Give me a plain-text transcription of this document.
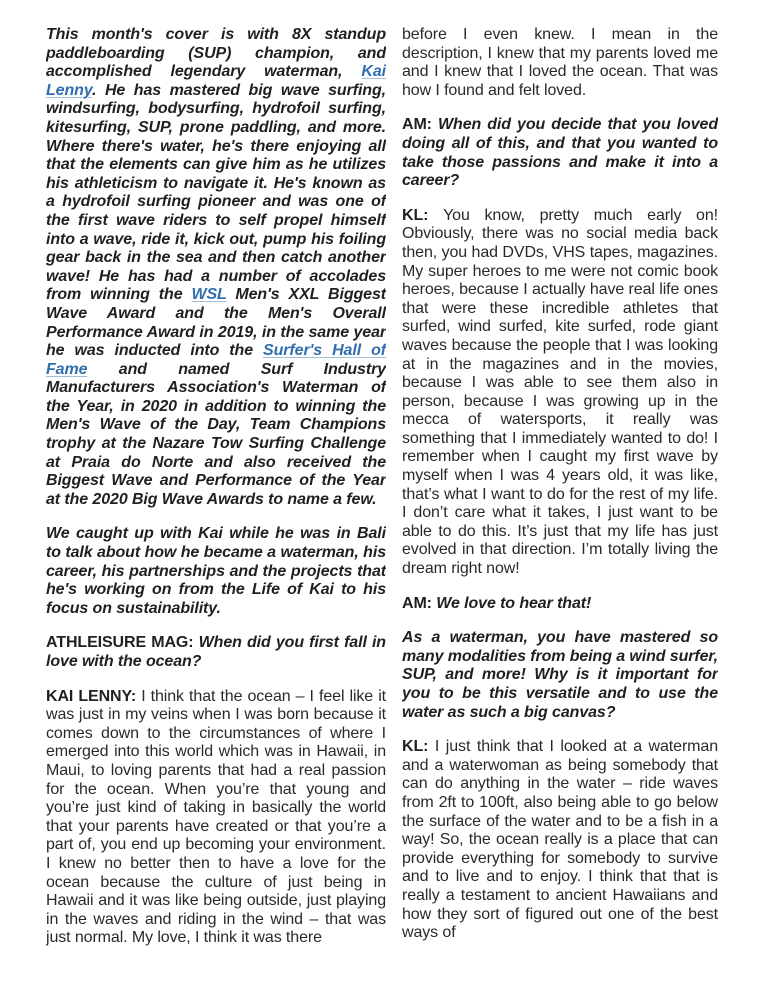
This month's cover is with 8X standup paddleboarding (SUP) champion, and accomplished legendary waterman, Kai Lenny. He has mastered big wave surfing, windsurfing, bodysurfing, hydrofoil surfing, kitesurfing, SUP, prone paddling, and more. Where there's water, he's there enjoying all that the elements can give him as he utilizes his athleticism to navigate it. He's known as a hydrofoil surfing pioneer and was one of the first wave riders to self propel himself into a wave, ride it, kick out, pump his foiling gear back in the sea and then catch another wave! He has had a number of accolades from winning the WSL Men's XXL Biggest Wave Award and the Men's Overall Performance Award in 2019, in the same year he was inducted into the Surfer's Hall of Fame and named Surf Industry Manufacturers Association's Waterman of the Year, in 2020 in addition to winning the Men's Wave of the Day, Team Champions trophy at the Nazare Tow Surfing Challenge at Praia do Norte and also received the Biggest Wave and Performance of the Year at the 2020 Big Wave Awards to name a few.

We caught up with Kai while he was in Bali to talk about how he became a waterman, his career, his partnerships and the projects that he's working on from the Life of Kai to his focus on sustainability.

ATHLEISURE MAG: When did you first fall in love with the ocean?

KAI LENNY: I think that the ocean – I feel like it was just in my veins when I was born because it comes down to the circumstances of where I emerged into this world which was in Hawaii, in Maui, to loving parents that had a real passion for the ocean. When you’re that young and you’re just kind of taking in basically the world that your parents have created or that you’re a part of, you end up becoming your environment. I knew no better then to have a love for the ocean because the culture of just being in Hawaii and it was like being outside, just playing in the waves and riding in the wind – that was just normal. My love, I think it was there

before I even knew. I mean in the description, I knew that my parents loved me and I knew that I loved the ocean. That was how I found and felt loved.

AM: When did you decide that you loved doing all of this, and that you wanted to take those passions and make it into a career?

KL: You know, pretty much early on! Obviously, there was no social media back then, you had DVDs, VHS tapes, magazines. My super heroes to me were not comic book heroes, because I actually have real life ones that were these incredible athletes that surfed, wind surfed, kite surfed, rode giant waves because the people that I was looking at in the magazines and in the movies, because I was able to see them also in person, because I was growing up in the mecca of watersports, it really was something that I immediately wanted to do! I remember when I caught my first wave by myself when I was 4 years old, it was like, that’s what I want to do for the rest of my life. I don’t care what it takes, I just want to be able to do this. It’s just that my life has just evolved in that direction. I’m totally living the dream right now!

AM: We love to hear that!

As a waterman, you have mastered so many modalities from being a wind surfer, SUP, and more! Why is it important for you to be this versatile and to use the water as such a big canvas?

KL: I just think that I looked at a waterman and a waterwoman as being somebody that can do anything in the water – ride waves from 2ft to 100ft, also being able to go below the surface of the water and to be a fish in a way! So, the ocean really is a place that can provide everything for somebody to survive and to live and to enjoy. I think that that is really a testament to ancient Hawaiians and how they sort of figured out one of the best ways of
